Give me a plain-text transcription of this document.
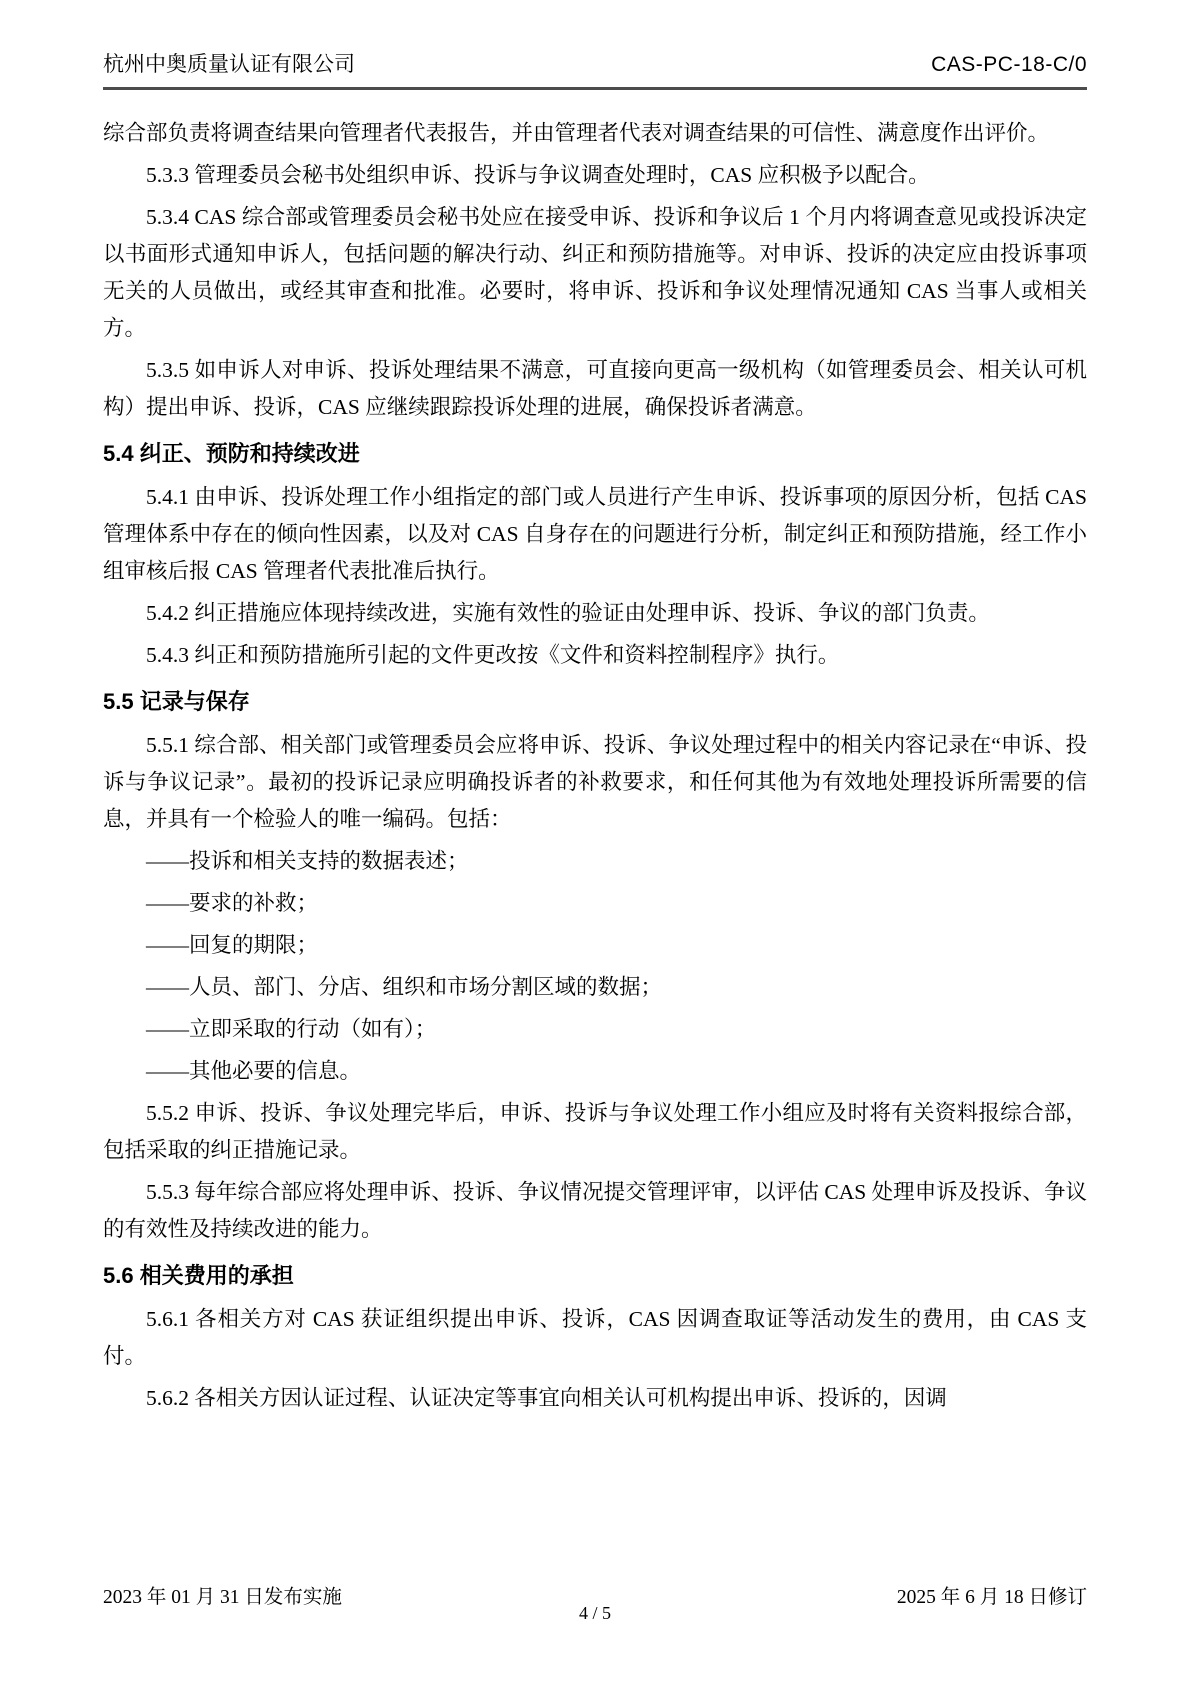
杭州中奥质量认证有限公司	CAS-PC-18-C/0

综合部负责将调查结果向管理者代表报告，并由管理者代表对调查结果的可信性、满意度作出评价。

5.3.3 管理委员会秘书处组织申诉、投诉与争议调查处理时，CAS 应积极予以配合。

5.3.4 CAS 综合部或管理委员会秘书处应在接受申诉、投诉和争议后 1 个月内将调查意见或投诉决定以书面形式通知申诉人，包括问题的解决行动、纠正和预防措施等。对申诉、投诉的决定应由投诉事项无关的人员做出，或经其审查和批准。必要时，将申诉、投诉和争议处理情况通知 CAS 当事人或相关方。

5.3.5 如申诉人对申诉、投诉处理结果不满意，可直接向更高一级机构（如管理委员会、相关认可机构）提出申诉、投诉，CAS 应继续跟踪投诉处理的进展，确保投诉者满意。

5.4 纠正、预防和持续改进

5.4.1 由申诉、投诉处理工作小组指定的部门或人员进行产生申诉、投诉事项的原因分析，包括 CAS 管理体系中存在的倾向性因素，以及对 CAS 自身存在的问题进行分析，制定纠正和预防措施，经工作小组审核后报 CAS 管理者代表批准后执行。

5.4.2 纠正措施应体现持续改进，实施有效性的验证由处理申诉、投诉、争议的部门负责。

5.4.3 纠正和预防措施所引起的文件更改按《文件和资料控制程序》执行。

5.5 记录与保存

5.5.1 综合部、相关部门或管理委员会应将申诉、投诉、争议处理过程中的相关内容记录在“申诉、投诉与争议记录”。最初的投诉记录应明确投诉者的补救要求，和任何其他为有效地处理投诉所需要的信息，并具有一个检验人的唯一编码。包括：

——投诉和相关支持的数据表述；

——要求的补救；

——回复的期限；

——人员、部门、分店、组织和市场分割区域的数据；

——立即采取的行动（如有）；

——其他必要的信息。

5.5.2 申诉、投诉、争议处理完毕后，申诉、投诉与争议处理工作小组应及时将有关资料报综合部，包括采取的纠正措施记录。

5.5.3 每年综合部应将处理申诉、投诉、争议情况提交管理评审，以评估 CAS 处理申诉及投诉、争议的有效性及持续改进的能力。

5.6 相关费用的承担

5.6.1 各相关方对 CAS 获证组织提出申诉、投诉，CAS 因调查取证等活动发生的费用，由 CAS 支付。

5.6.2 各相关方因认证过程、认证决定等事宜向相关认可机构提出申诉、投诉的，因调

2023 年 01 月 31 日发布实施	2025 年 6 月 18 日修订
4 / 5
